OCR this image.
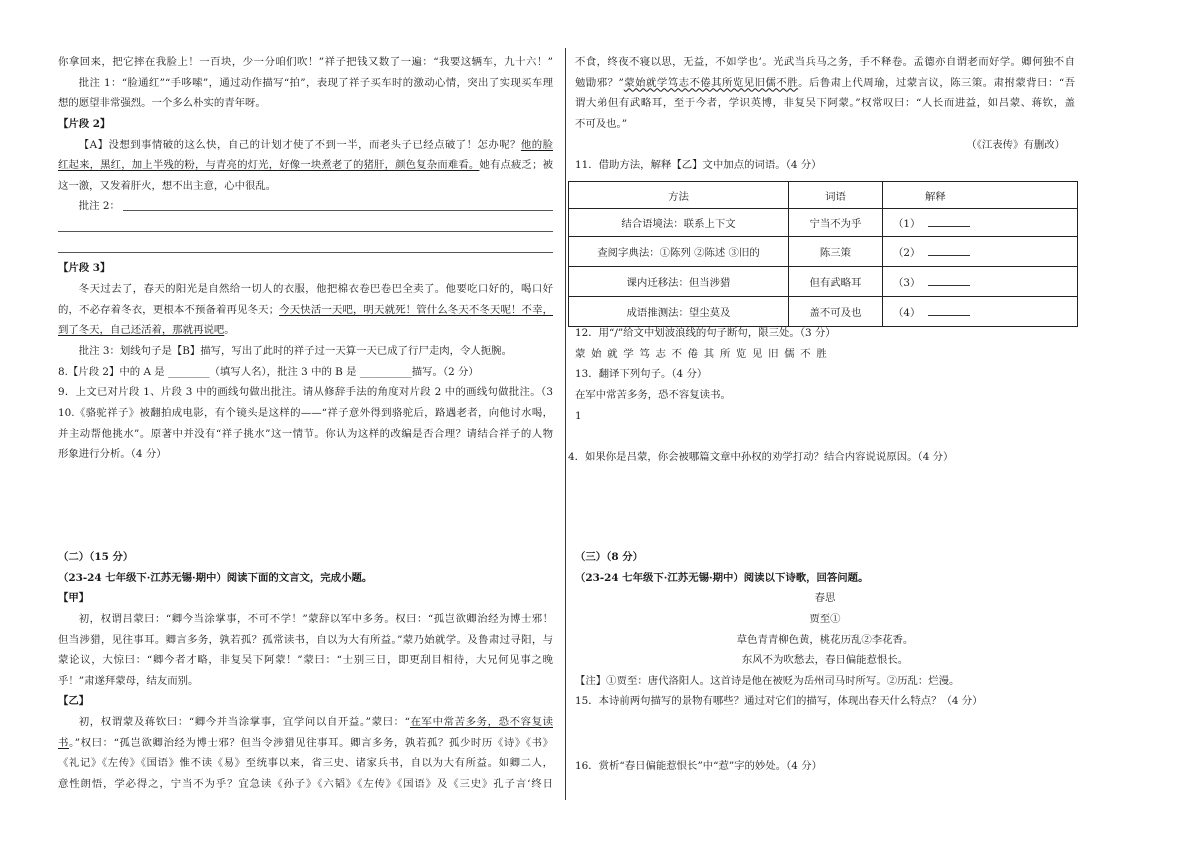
你拿回来，把它摔在我脸上！一百块，少一分咱们吹！”祥子把钱又数了一遍：“我要这辆车，九十六！”
批注 1：“脸通红”“手哆嗦”，通过动作描写“拍”，表现了祥子买车时的激动心情，突出了实现买车理
想的愿望非常强烈。一个多么朴实的青年呀。
【片段 2】
【A】没想到事情破的这么快，自己的计划才使了不到一半，而老头子已经点破了！怎办呢？他的脸
红起来，黑红，加上半残的粉，与青亮的灯光，好像一块煮老了的猪肝，颜色复杂而难看。她有点疲乏；被
这一激，又发着肝火，想不出主意，心中很乱。
批注 2：
【片段 3】
冬天过去了，春天的阳光是自然给一切人的衣服，他把棉衣卷巴卷巴全卖了。他要吃口好的，喝口好
的，不必存着冬衣，更根本不预备着再见冬天；今天快活一天吧，明天就死！管什么冬天不冬天呢！不幸，
到了冬天，自己还活着，那就再说吧。
批注 3：划线句子是【B】描写，写出了此时的祥子过一天算一天已成了行尸走肉，令人扼腕。
8.【片段 2】中的 A 是 ________（填写人名），批注 3 中的 B 是 __________描写。（2 分）
9．上文已对片段 1、片段 3 中的画线句做出批注。请从修辞手法的角度对片段 2 中的画线句做批注。（3
10.《骆驼祥子》被翻拍成电影，有个镜头是这样的——“祥子意外得到骆驼后，路遇老者，向他讨水喝，
并主动帮他挑水”。原著中并没有“祥子挑水”这一情节。你认为这样的改编是否合理？请结合祥子的人物
形象进行分析。（4 分）
（二）（15 分）
（23-24 七年级下·江苏无锡·期中）阅读下面的文言文，完成小题。
【甲】
初，权谓吕蒙曰：“卿今当涂掌事，不可不学！”蒙辞以军中多务。权曰：“孤岂欲卿治经为博士邪！
但当涉猎，见往事耳。卿言多务，孰若孤？孤常读书，自以为大有所益。”蒙乃始就学。及鲁肃过寻阳，与
蒙论议，大惊曰：“卿今者才略，非复吴下阿蒙！”蒙曰：“士别三日，即更刮目相待，大兄何见事之晚
乎！”肃遂拜蒙母，结友而别。
【乙】
初，权谓蒙及蒋钦曰：“卿今并当涂掌事，宜学问以自开益。”蒙曰：“在军中常苦多务，恐不容复读
书。”权曰：“孤岂欲卿治经为博士邪？但当令涉猎见往事耳。卿言多务，孰若孤？孤少时历《诗》《书》
《礼记》《左传》《国语》惟不读《易》至统事以来，省三史、诸家兵书，自以为大有所益。如卿二人，
意性朗悟，学必得之，宁当不为乎？宜急读《孙子》《六韬》《左传》《国语》及《三史》孔子言‘终日
不食，终夜不寝以思，无益，不如学也’。光武当兵马之务，手不释卷。孟德亦自谓老而好学。卿何独不自
勉勖邪？”蒙始就学笃志不倦其所览见旧儒不胜。后鲁肃上代周瑜，过蒙言议，陈三策。肃拊蒙背曰：“吾
谓大弟但有武略耳，至于今者，学识英博，非复吴下阿蒙。”权常叹曰：“人长而进益，如吕蒙、蒋钦，盖
不可及也。”
（《江表传》有删改）
11．借助方法，解释【乙】文中加点的词语。（4 分）
方法	词语	解释
结合语境法：联系上下文	宁当不为乎	（1）
查阅字典法：①陈列 ②陈述 ③旧的	陈三策	（2）
课内迁移法：但当涉猎	但有武略耳	（3）
成语推测法：望尘莫及	盖不可及也	（4）
12．用“/”给文中划波浪线的句子断句，限三处。（3 分）
蒙 始 就 学 笃 志 不 倦 其 所 览 见 旧 儒 不 胜
13．翻译下列句子。（4 分）
在军中常苦多务，恐不容复读书。
1
4．如果你是吕蒙，你会被哪篇文章中孙权的劝学打动？结合内容说说原因。（4 分）
（三）（8 分）
（23-24 七年级下·江苏无锡·期中）阅读以下诗歌，回答问题。
春思
贾至①
草色青青柳色黄，桃花历乱②李花香。
东风不为吹愁去，春日偏能惹恨长。
【注】①贾至：唐代洛阳人。这首诗是他在被贬为岳州司马时所写。②历乱：烂漫。
15．本诗前两句描写的景物有哪些？通过对它们的描写，体现出春天什么特点？（4 分）
16．赏析“春日偏能惹恨长”中“惹”字的妙处。（4 分）
